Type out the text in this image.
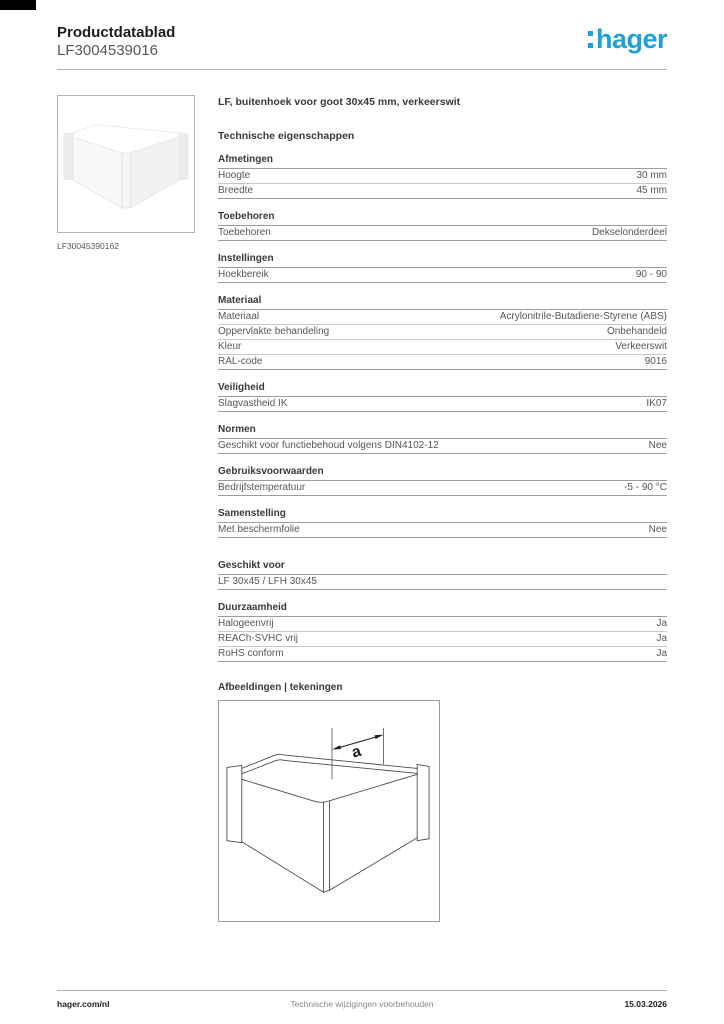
Productdatablad
LF3004539016	hager
LF30045390162
LF, buitenhoek voor goot 30x45 mm, verkeerswit
Technische eigenschappen
Afmetingen
Hoogte	30 mm
Breedte	45 mm
Toebehoren
Toebehoren	Dekselonderdeel
Instellingen
Hoekbereik	90 - 90
Materiaal
Materiaal	Acrylonitrile-Butadiene-Styrene (ABS)
Oppervlakte behandeling	Onbehandeld
Kleur	Verkeerswit
RAL-code	9016
Veiligheid
Slagvastheid IK	IK07
Normen
Geschikt voor functiebehoud volgens DIN4102-12	Nee
Gebruiksvoorwaarden
Bedrijfstemperatuur	-5 - 90 °C
Samenstelling
Met beschermfolie	Nee
Geschikt voor
LF 30x45 / LFH 30x45
Duurzaamheid
Halogeenvrij	Ja
REACh-SVHC vrij	Ja
RoHS conform	Ja
Afbeeldingen | tekeningen
a
hager.com/nl	Technische wijzigingen voorbehouden	15.03.2026
